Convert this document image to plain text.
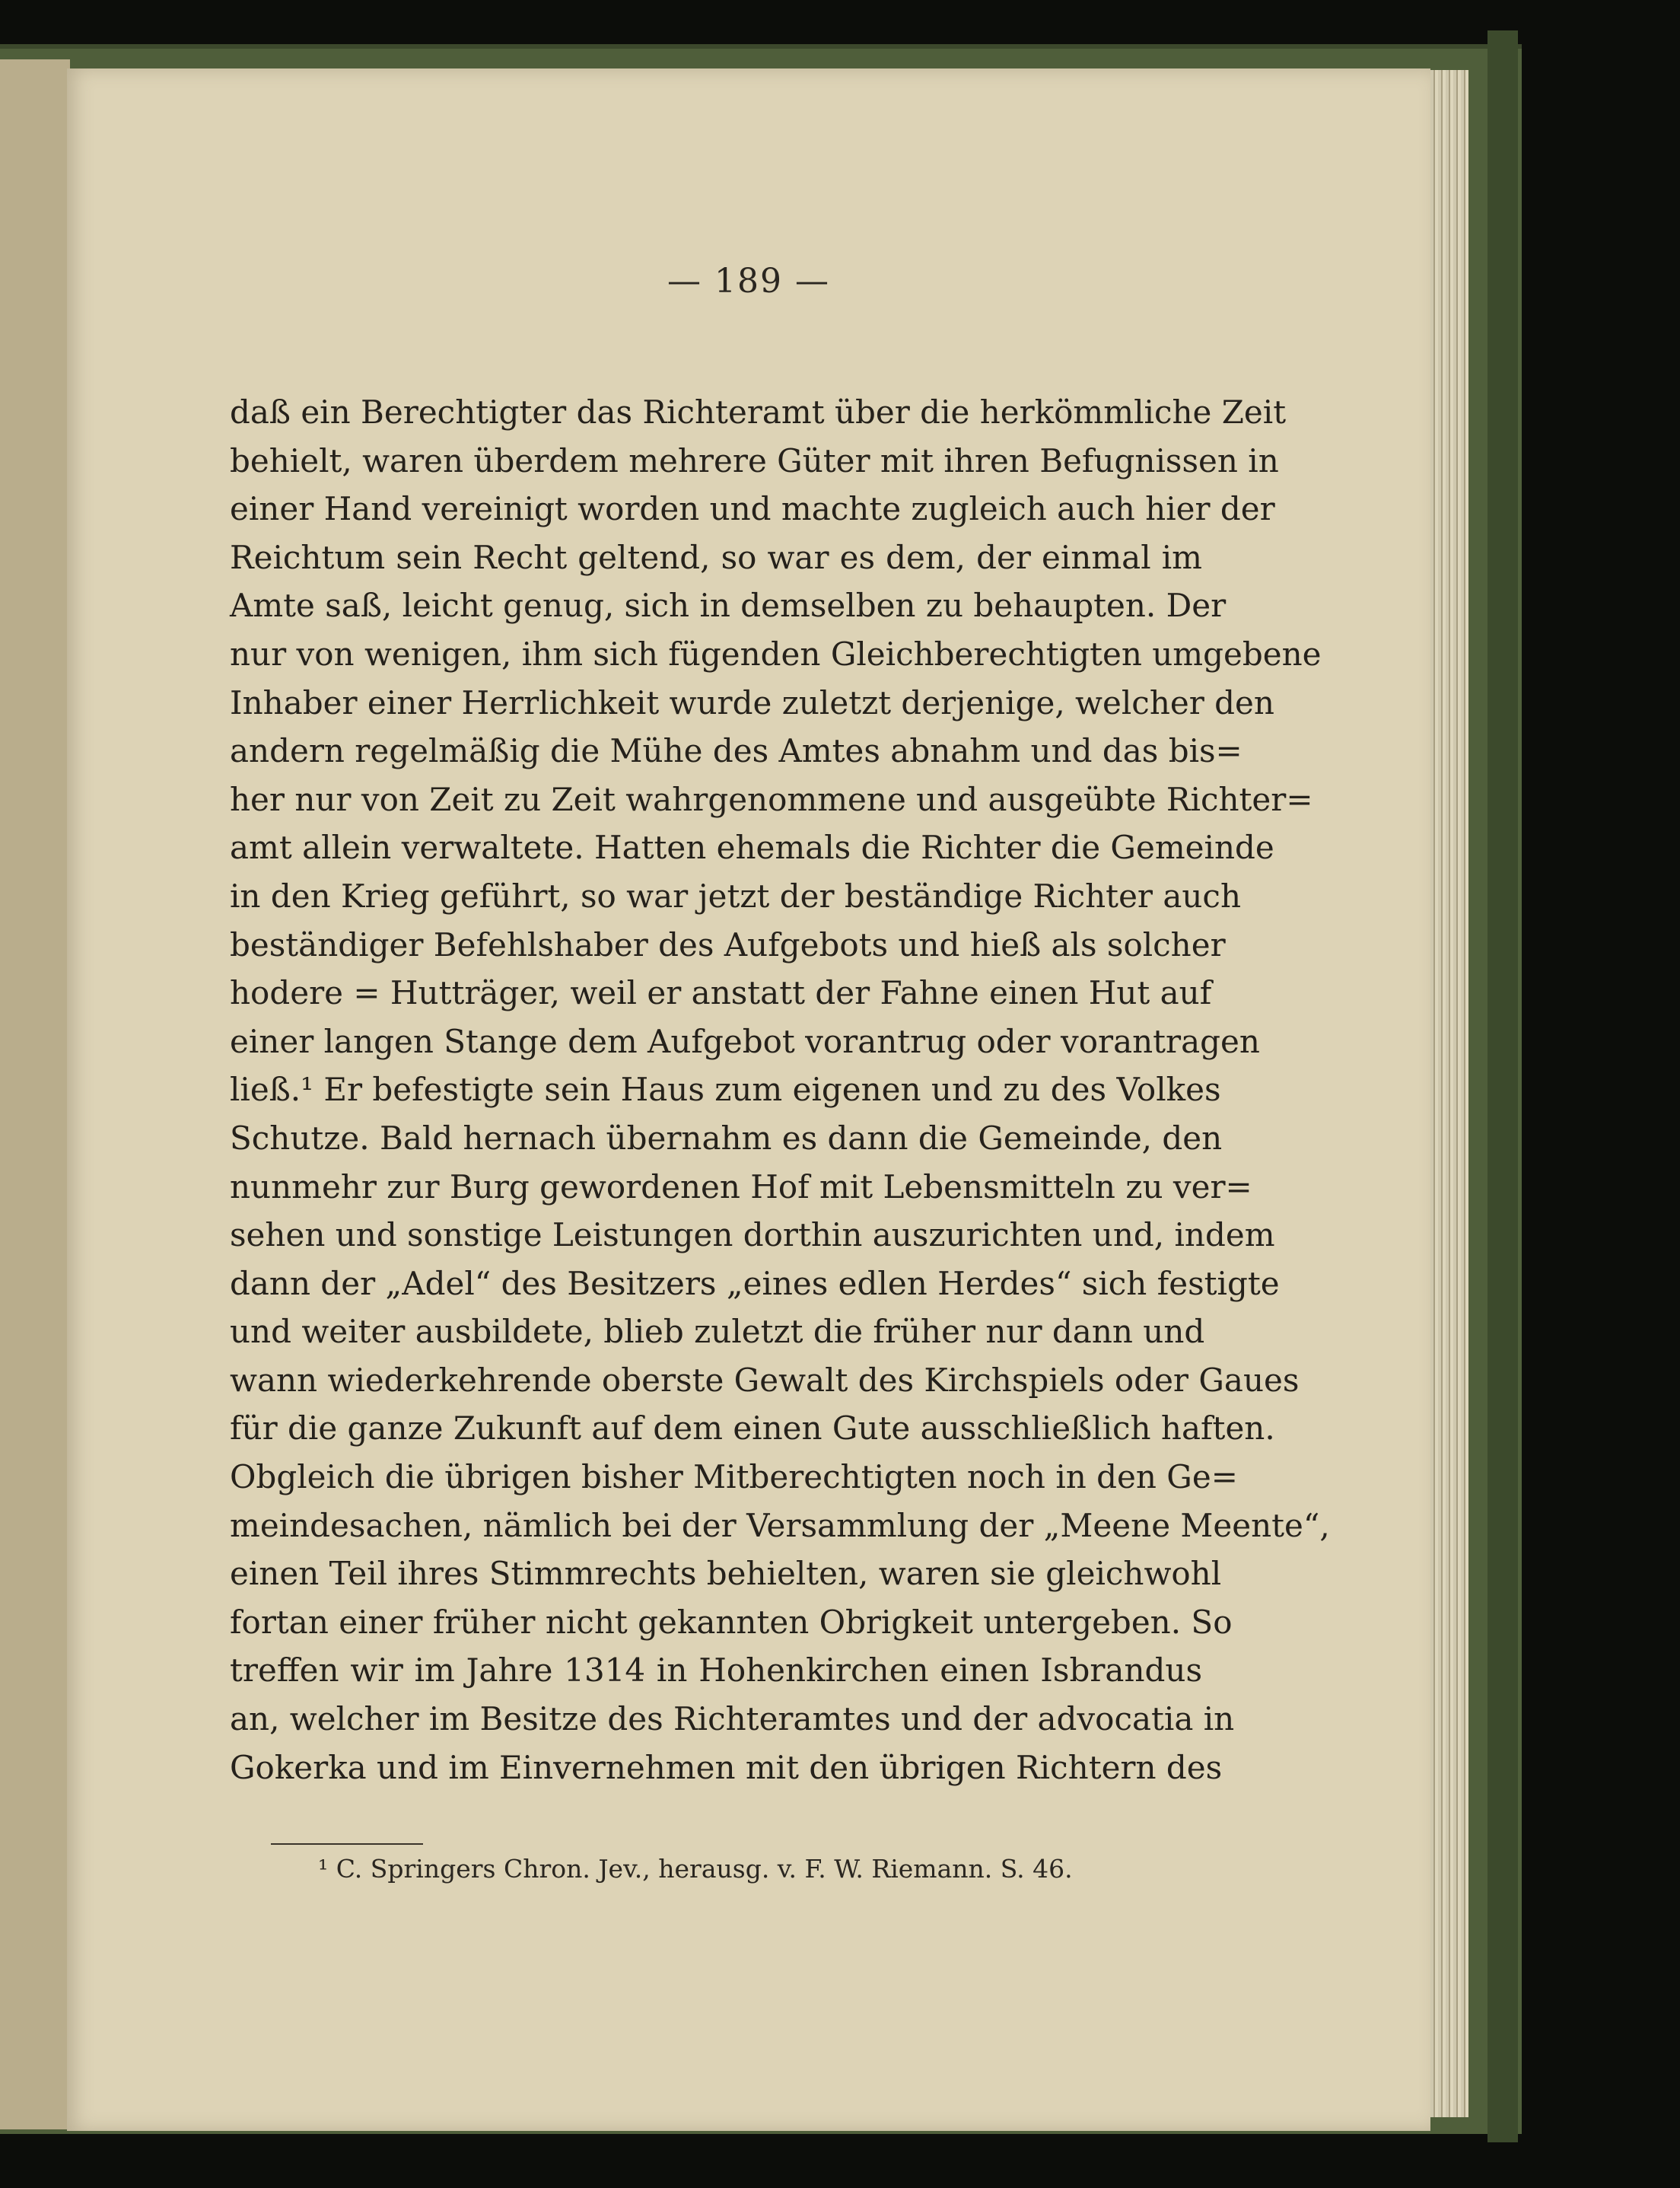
— 189 —
daß ein Berechtigter das Richteramt über die herkömmliche Zeit
behielt, waren überdem mehrere Güter mit ihren Befugnissen in
einer Hand vereinigt worden und machte zugleich auch hier der
Reichtum sein Recht geltend, so war es dem, der einmal im
Amte saß, leicht genug, sich in demselben zu behaupten. Der
nur von wenigen, ihm sich fügenden Gleichberechtigten umgebene
Inhaber einer Herrlichkeit wurde zuletzt derjenige, welcher den
andern regelmäßig die Mühe des Amtes abnahm und das bis=
her nur von Zeit zu Zeit wahrgenommene und ausgeübte Richter=
amt allein verwaltete. Hatten ehemals die Richter die Gemeinde
in den Krieg geführt, so war jetzt der beständige Richter auch
beständiger Befehlshaber des Aufgebots und hieß als solcher
hodere = Hutträger, weil er anstatt der Fahne einen Hut auf
einer langen Stange dem Aufgebot vorantrug oder vorantragen
ließ.¹ Er befestigte sein Haus zum eigenen und zu des Volkes
Schutze. Bald hernach übernahm es dann die Gemeinde, den
nunmehr zur Burg gewordenen Hof mit Lebensmitteln zu ver=
sehen und sonstige Leistungen dorthin auszurichten und, indem
dann der „Adel“ des Besitzers „eines edlen Herdes“ sich festigte
und weiter ausbildete, blieb zuletzt die früher nur dann und
wann wiederkehrende oberste Gewalt des Kirchspiels oder Gaues
für die ganze Zukunft auf dem einen Gute ausschließlich haften.
Obgleich die übrigen bisher Mitberechtigten noch in den Ge=
meindesachen, nämlich bei der Versammlung der „Meene Meente“,
einen Teil ihres Stimmrechts behielten, waren sie gleichwohl
fortan einer früher nicht gekannten Obrigkeit untergeben. So
treffen wir im Jahre 1314 in Hohenkirchen einen Isbrandus
an, welcher im Besitze des Richteramtes und der advocatia in
Gokerka und im Einvernehmen mit den übrigen Richtern des
¹ C. Springers Chron. Jev., herausg. v. F. W. Riemann. S. 46.
